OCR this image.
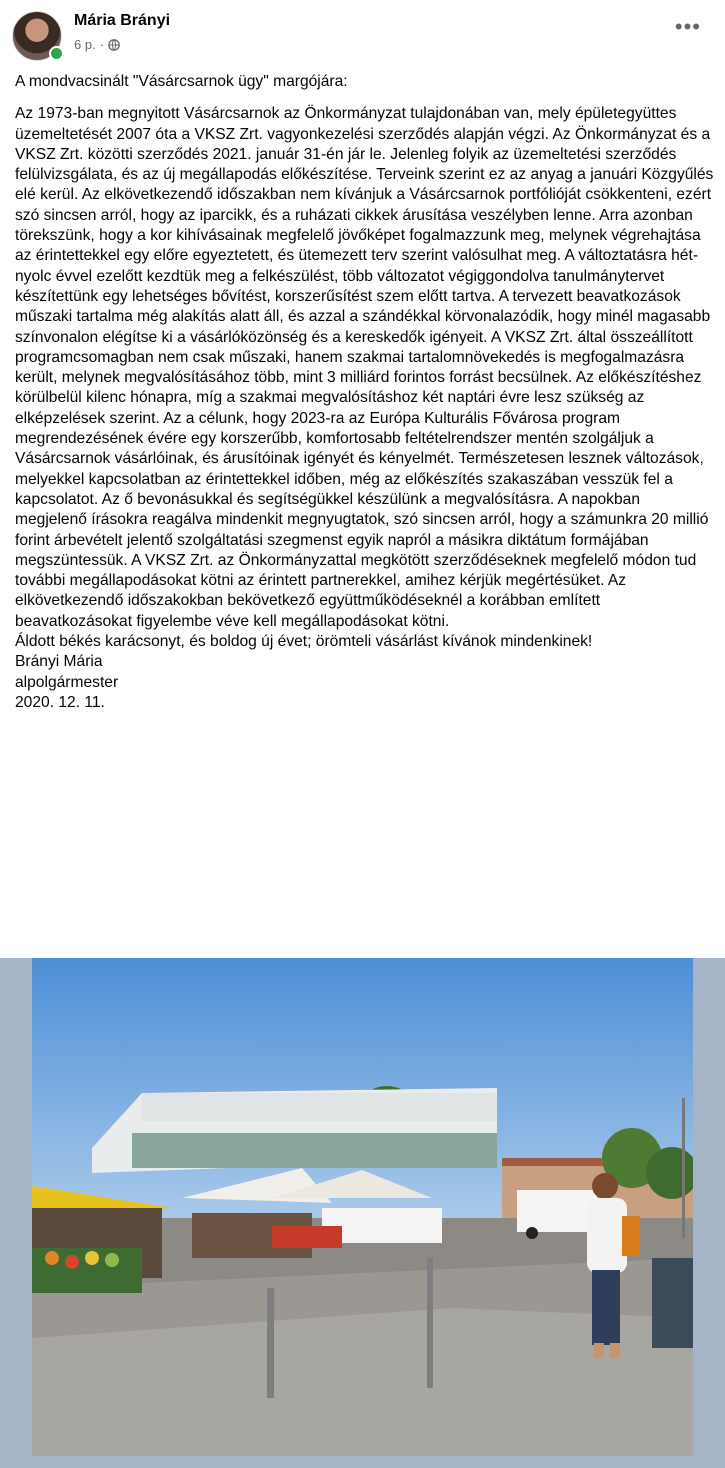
Mária Brányi
6 p. ·
•••

A mondvacsinált "Vásárcsarnok ügy" margójára:

Az 1973-ban megnyitott Vásárcsarnok az Önkormányzat tulajdonában van, mely épületegyüttes üzemeltetését 2007 óta a VKSZ Zrt. vagyonkezelési szerződés alapján végzi. Az Önkormányzat és a VKSZ Zrt. közötti szerződés 2021. január 31-én jár le. Jelenleg folyik az üzemeltetési szerződés felülvizsgálata, és az új megállapodás előkészítése. Terveink szerint ez az anyag a januári Közgyűlés elé kerül. Az elkövetkezendő időszakban nem kívánjuk a Vásárcsarnok portfólióját csökkenteni, ezért szó sincsen arról, hogy az iparcikk, és a ruházati cikkek árusítása veszélyben lenne. Arra azonban törekszünk, hogy a kor kihívásainak megfelelő jövőképet fogalmazzunk meg, melynek végrehajtása az érintettekkel egy előre egyeztetett, és ütemezett terv szerint valósulhat meg. A változtatásra hét-nyolc évvel ezelőtt kezdtük meg a felkészülést, több változatot végiggondolva tanulmánytervet készítettünk egy lehetséges bővítést, korszerűsítést szem előtt tartva. A tervezett beavatkozások műszaki tartalma még alakítás alatt áll, és azzal a szándékkal körvonalazódik, hogy minél magasabb színvonalon elégítse ki a vásárlóközönség és a kereskedők igényeit. A VKSZ Zrt. által összeállított programcsomagban nem csak műszaki, hanem szakmai tartalomnövekedés is megfogalmazásra került, melynek megvalósításához több, mint 3 milliárd forintos forrást becsülnek. Az előkészítéshez körülbelül kilenc hónapra, míg a szakmai megvalósításhoz két naptári évre lesz szükség az elképzelések szerint. Az a célunk, hogy 2023-ra az Európa Kulturális Fővárosa program megrendezésének évére egy korszerűbb, komfortosabb feltételrendszer mentén szolgáljuk a Vásárcsarnok vásárlóinak, és árusítóinak igényét és kényelmét. Természetesen lesznek változások, melyekkel kapcsolatban az érintettekkel időben, még az előkészítés szakaszában vesszük fel a kapcsolatot. Az ő bevonásukkal és segítségükkel készülünk a megvalósításra. A napokban megjelenő írásokra reagálva mindenkit megnyugtatok, szó sincsen arról, hogy a számunkra 20 millió forint árbevételt jelentő szolgáltatási szegmenst egyik napról a másikra diktátum formájában megszüntessük. A VKSZ Zrt. az Önkormányzattal megkötött szerződéseknek megfelelő módon tud további megállapodásokat kötni az érintett partnerekkel, amihez kérjük megértésüket. Az elkövetkezendő időszakokban bekövetkező együttműködéseknél a korábban említett beavatkozásokat figyelembe véve kell megállapodásokat kötni.

Áldott békés karácsonyt, és boldog új évet; örömteli vásárlást kívánok mindenkinek!

Brányi Mária

alpolgármester

2020. 12. 11.
